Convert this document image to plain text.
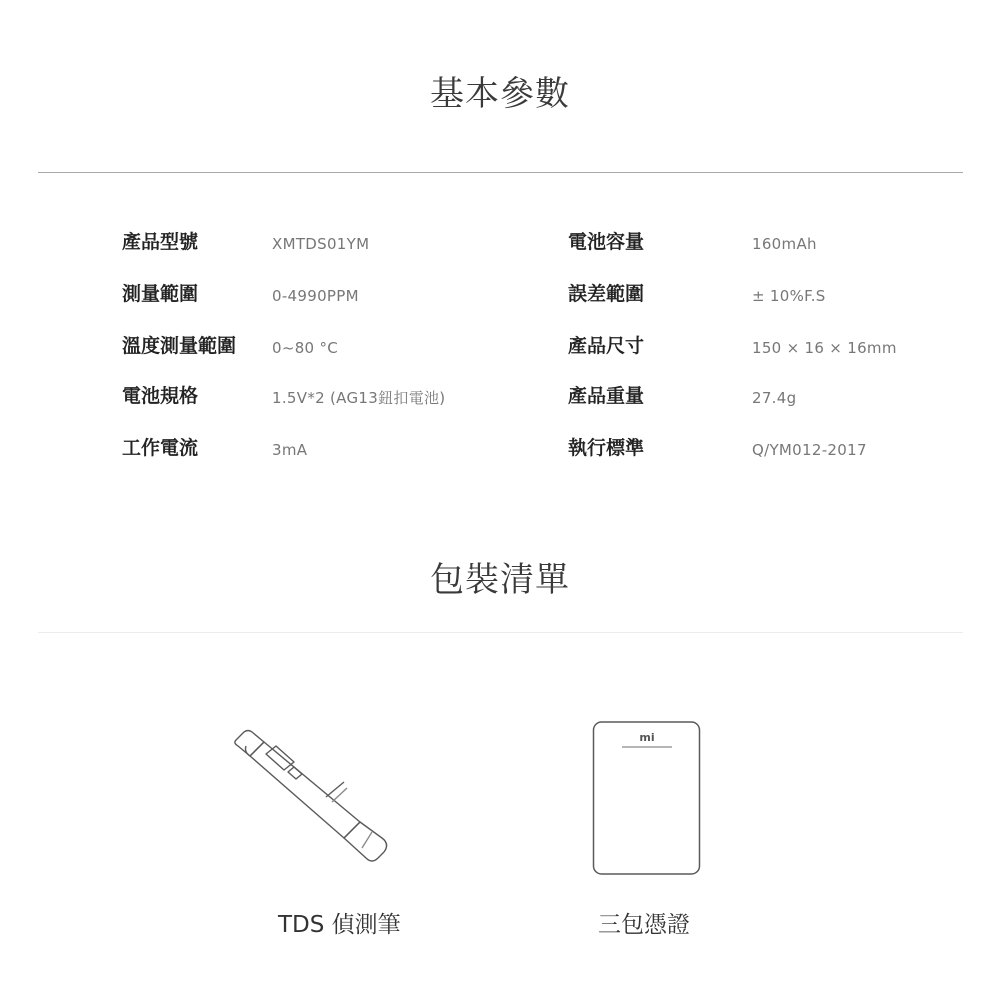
基本參數
產品型號	XMTDS01YM	電池容量	160mAh
測量範圍	0-4990PPM	誤差範圍	± 10%F.S
溫度測量範圍 0~80 °C	產品尺寸	150 × 16 × 16mm
電池規格	1.5V*2 (AG13鈕扣電池)	產品重量	27.4g
工作電流	3mA	執行標準	Q/YM012-2017
包裝清單
TDS 偵測筆
mi
三包憑證
